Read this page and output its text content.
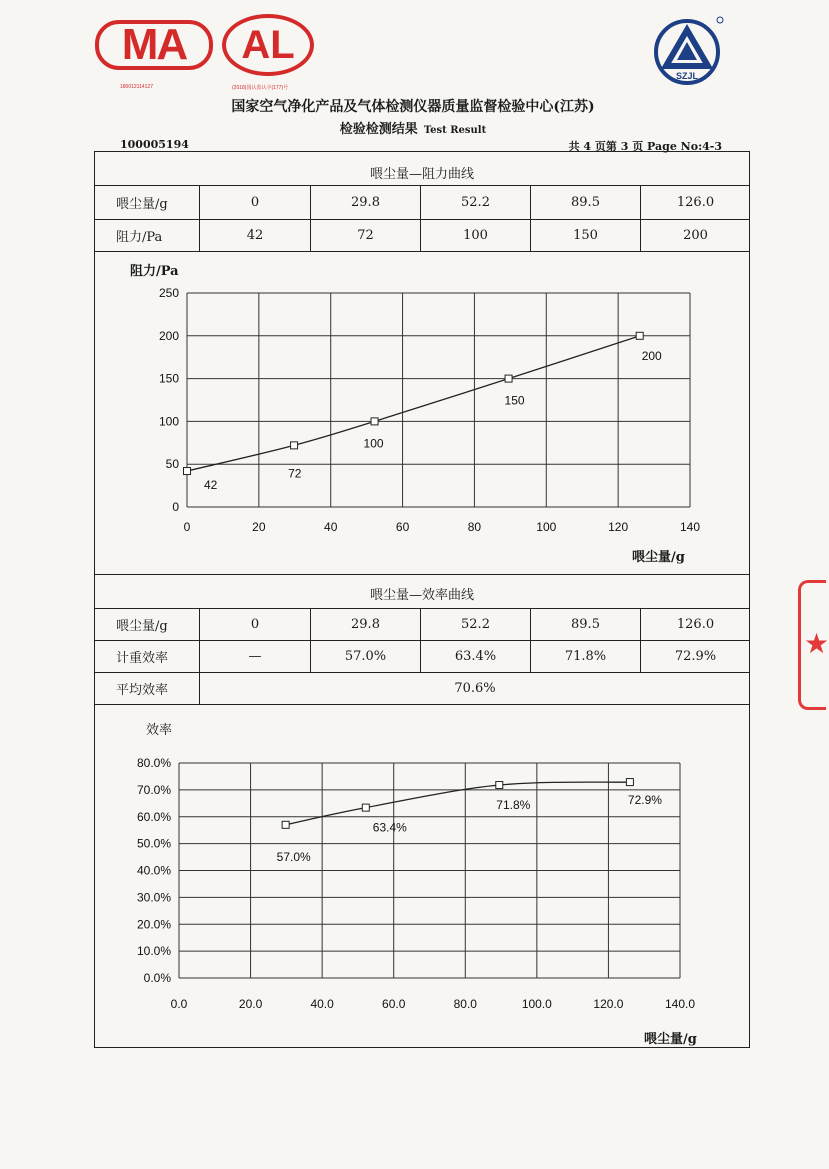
MA
180012114127
AL
(2018)国认监认字(177)号
SZJL
国家空气净化产品及气体检测仪器质量监督检验中心(江苏)
检验检测结果 Test Result
100005194	共 4 页第 3 页 Page No:4-3
喂尘量—阻力曲线
喂尘量/g	0	29.8	52.2	89.5	126.0
阻力/Pa	42	72	100	150	200
阻力/Pa
喂尘量/g
0	20	40	60	80	100	120	140
0
50
100
150
200
250
42
72
100
150
200
喂尘量—效率曲线
喂尘量/g	0	29.8	52.2	89.5	126.0
计重效率	—	57.0%	63.4%	71.8%	72.9%
平均效率	70.6%
效率
喂尘量/g
0.0	20.0	40.0	60.0	80.0	100.0	120.0	140.0
0.0%
10.0%
20.0%
30.0%
40.0%
50.0%
60.0%
70.0%
80.0%
57.0%
63.4%
71.8%	72.9%
★
